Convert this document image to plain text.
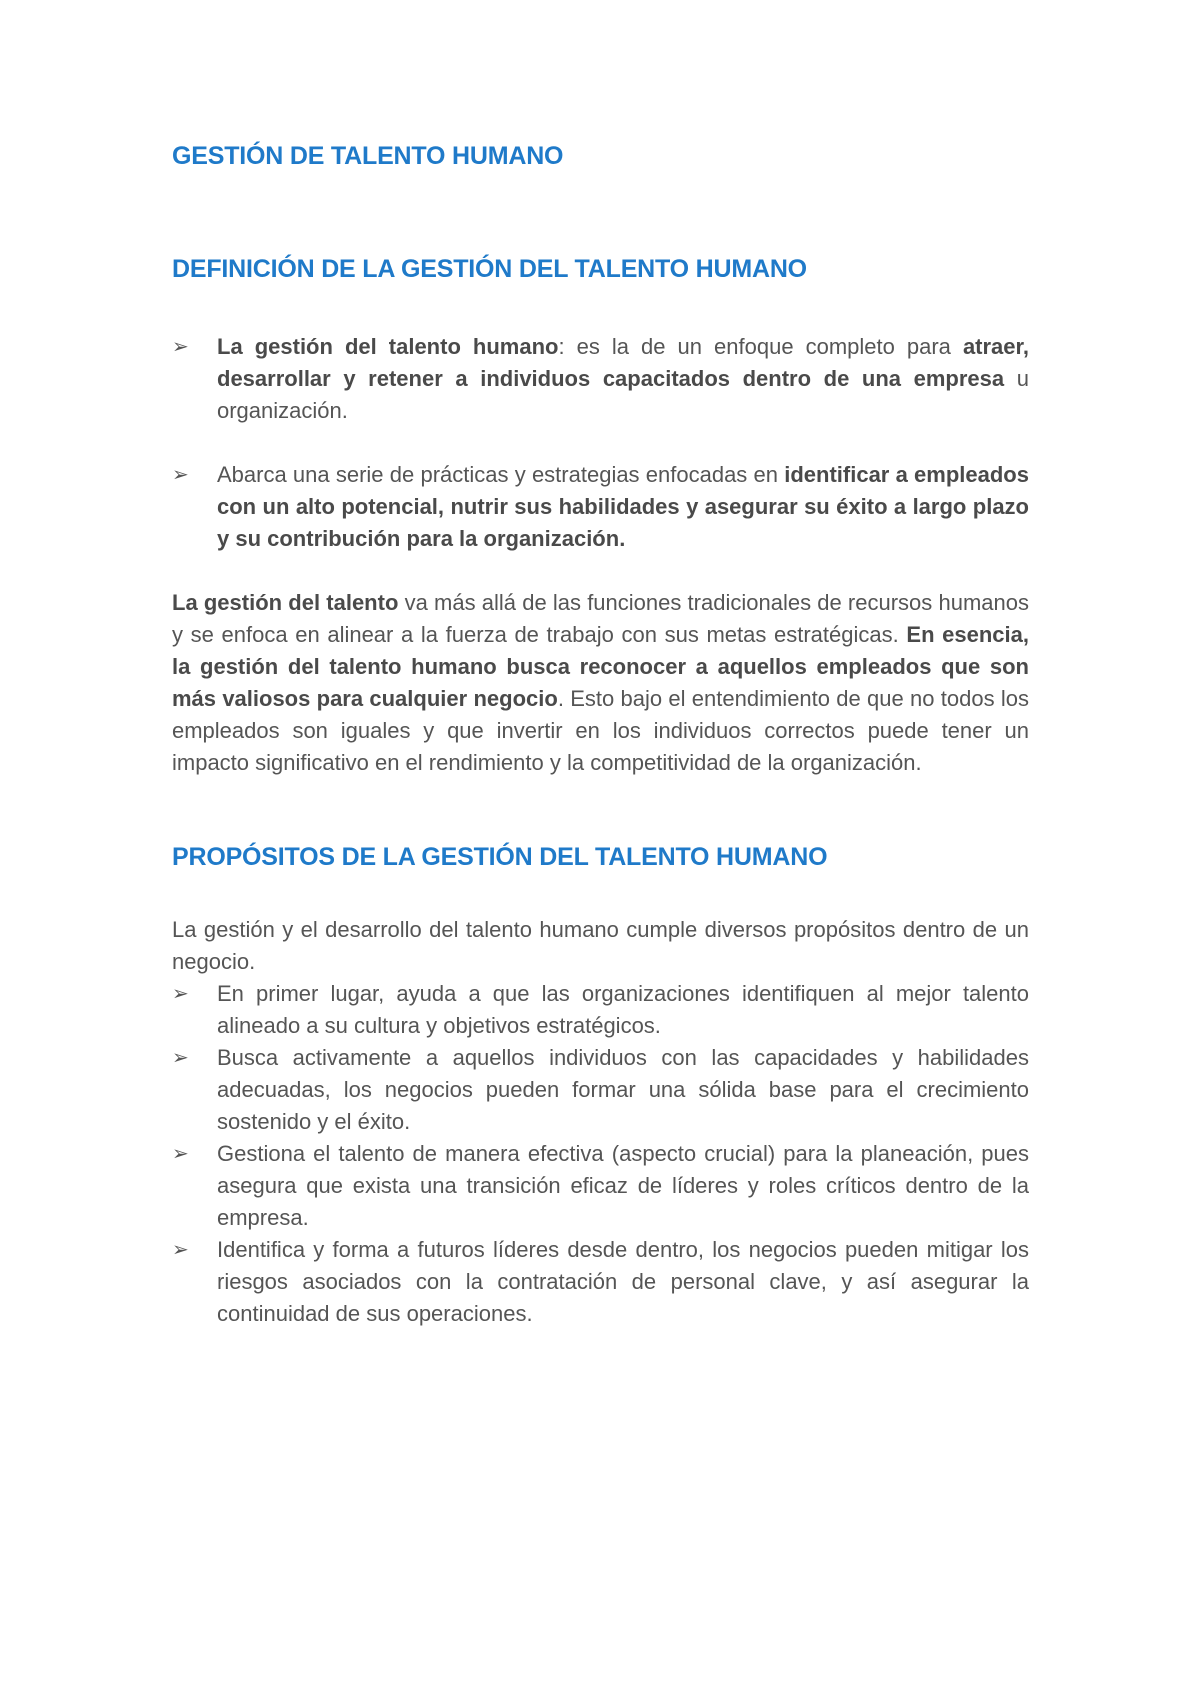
GESTIÓN DE TALENTO HUMANO
DEFINICIÓN DE LA GESTIÓN DEL TALENTO HUMANO
➢	La gestión del talento humano: es la de un enfoque completo para atraer, desarrollar y retener a individuos capacitados dentro de una empresa u organización.
➢	Abarca una serie de prácticas y estrategias enfocadas en identificar a empleados con un alto potencial, nutrir sus habilidades y asegurar su éxito a largo plazo y su contribución para la organización.

La gestión del talento va más allá de las funciones tradicionales de recursos humanos y se enfoca en alinear a la fuerza de trabajo con sus metas estratégicas. En esencia, la gestión del talento humano busca reconocer a aquellos empleados que son más valiosos para cualquier negocio. Esto bajo el entendimiento de que no todos los empleados son iguales y que invertir en los individuos correctos puede tener un impacto significativo en el rendimiento y la competitividad de la organización.

PROPÓSITOS DE LA GESTIÓN DEL TALENTO HUMANO

La gestión y el desarrollo del talento humano cumple diversos propósitos dentro de un negocio.

➢	En primer lugar, ayuda a que las organizaciones identifiquen al mejor talento alineado a su cultura y objetivos estratégicos.
➢	Busca activamente a aquellos individuos con las capacidades y habilidades adecuadas, los negocios pueden formar una sólida base para el crecimiento sostenido y el éxito.
➢	Gestiona el talento de manera efectiva (aspecto crucial) para la planeación, pues asegura que exista una transición eficaz de líderes y roles críticos dentro de la empresa.
➢	Identifica y forma a futuros líderes desde dentro, los negocios pueden mitigar los riesgos asociados con la contratación de personal clave, y así asegurar la continuidad de sus operaciones.
